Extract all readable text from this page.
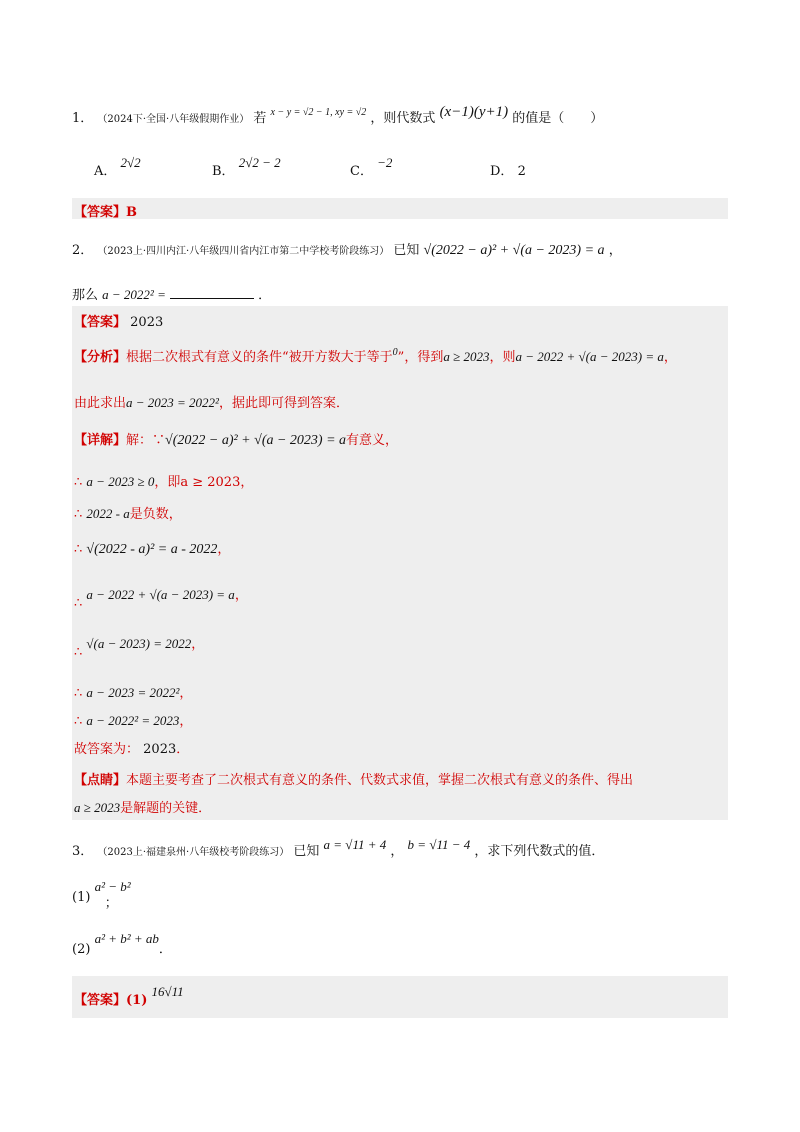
1． （2024下·全国·八年级假期作业） 若 $^{x - y = √2 - 1, xy = √2}$ ，则代数式 (x−1)(y+1) 的值是（　　）
A． 2√2
B． 2√2 − 2
C． −2
D． 2
【答案】B
2． （2023上·四川内江·八年级四川省内江市第二中学校考阶段练习） 已知 √(2022 − a)² + √(a − 2023) = a ，
那么 a − 2022² =	．
【答案】 2023
【分析】根据二次根式有意义的条件“被开方数大于等于$^0$”，得到a ≥ 2023，则a − 2022 + √(a − 2023) = a，
由此求出a − 2023 = 2022²，据此即可得到答案．
【详解】解：∵√(2022 − a)² + √(a − 2023) = a有意义，
∴ a − 2023 ≥ 0，即a ≥ 2023，
∴ 2022 - a是负数，
∴ √(2022 - a)² = a - 2022，
∴ a − 2022 + √(a − 2023) = a，
∴ √(a − 2023) = 2022，
∴ a − 2023 = 2022²，
∴ a − 2022² = 2023，
故答案为： 2023．
【点睛】本题主要考查了二次根式有意义的条件、代数式求值，掌握二次根式有意义的条件、得出
a ≥ 2023是解题的关键．
3． （2023上·福建泉州·八年级校考阶段练习） 已知 a = √11 + 4 ， b = √11 − 4 ，求下列代数式的值．
(1) a² − b² ；
(2) a² + b² + ab．
【答案】(1) 16√11
